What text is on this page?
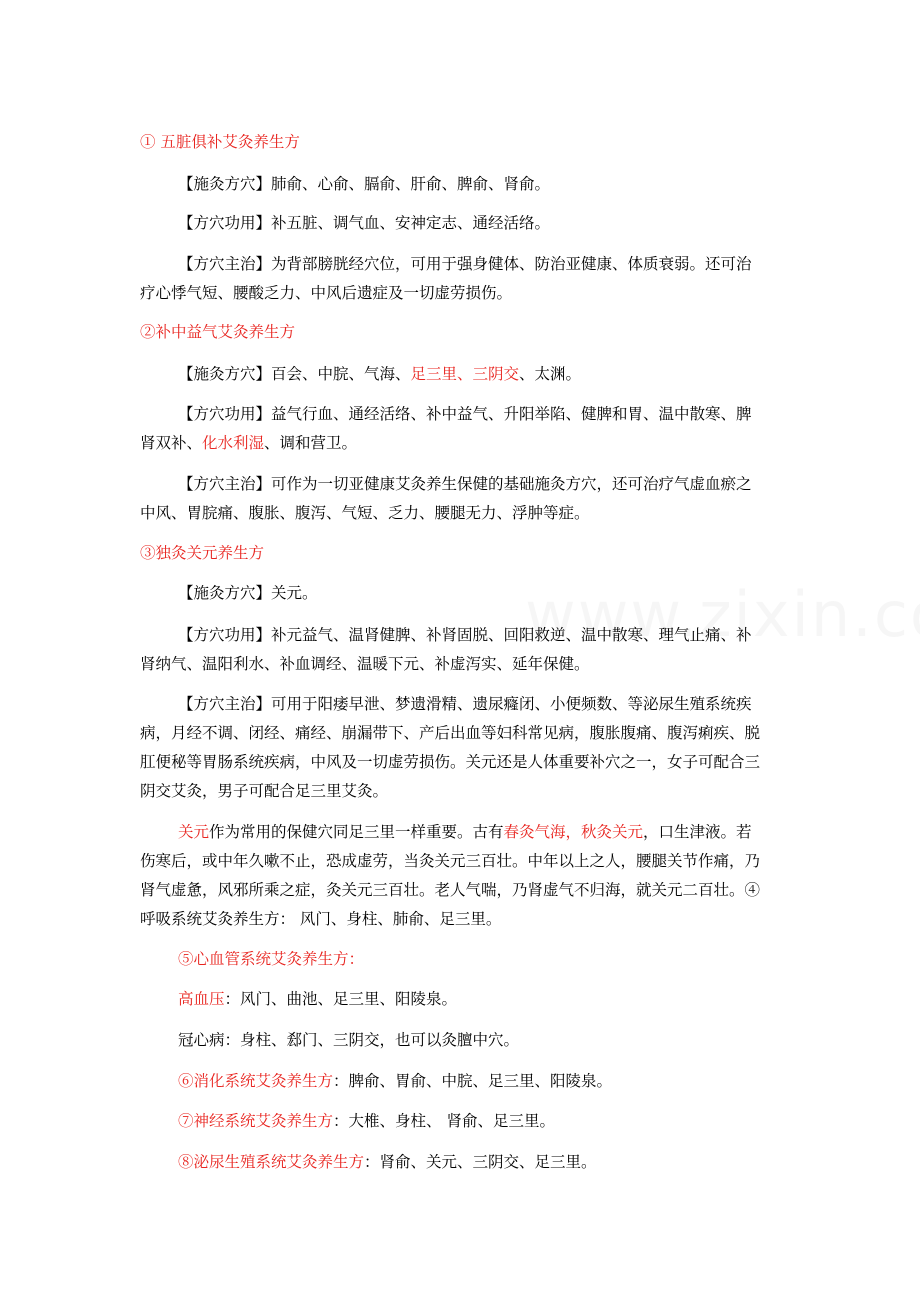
① 五脏俱补艾灸养生方

【施灸方穴】肺俞、心俞、膈俞、肝俞、脾俞、肾俞。

【方穴功用】补五脏、调气血、安神定志、通经活络。

【方穴主治】为背部膀胱经穴位，可用于强身健体、防治亚健康、体质衰弱。还可治

疗心悸气短、腰酸乏力、中风后遗症及一切虚劳损伤。

②补中益气艾灸养生方

【施灸方穴】百会、中脘、气海、足三里、三阴交、太渊。

【方穴功用】益气行血、通经活络、补中益气、升阳举陷、健脾和胃、温中散寒、脾

肾双补、化水利湿、调和营卫。

【方穴主治】可作为一切亚健康艾灸养生保健的基础施灸方穴，还可治疗气虚血瘀之

中风、胃脘痛、腹胀、腹泻、气短、乏力、腰腿无力、浮肿等症。

③独灸关元养生方

【施灸方穴】关元。

【方穴功用】补元益气、温肾健脾、补肾固脱、回阳救逆、温中散寒、理气止痛、补

肾纳气、温阳利水、补血调经、温暖下元、补虚泻实、延年保健。

【方穴主治】可用于阳痿早泄、梦遗滑精、遗尿癃闭、小便频数、等泌尿生殖系统疾

病，月经不调、闭经、痛经、崩漏带下、产后出血等妇科常见病，腹胀腹痛、腹泻痢疾、脱

肛便秘等胃肠系统疾病，中风及一切虚劳损伤。关元还是人体重要补穴之一，女子可配合三

阴交艾灸，男子可配合足三里艾灸。

关元作为常用的保健穴同足三里一样重要。古有春灸气海，秋灸关元，口生津液。若

伤寒后，或中年久嗽不止，恐成虚劳，当灸关元三百壮。中年以上之人，腰腿关节作痛，乃

肾气虚惫，风邪所乘之症，灸关元三百壮。老人气喘，乃肾虚气不归海，就关元二百壮。④

呼吸系统艾灸养生方： 风门、身柱、肺俞、足三里。

⑤心血管系统艾灸养生方：

高血压：风门、曲池、足三里、阳陵泉。

冠心病：身柱、郄门、三阴交，也可以灸膻中穴。

⑥消化系统艾灸养生方：脾俞、胃俞、中脘、足三里、阳陵泉。

⑦神经系统艾灸养生方：大椎、身柱、 肾俞、足三里。

⑧泌尿生殖系统艾灸养生方：肾俞、关元、三阴交、足三里。
